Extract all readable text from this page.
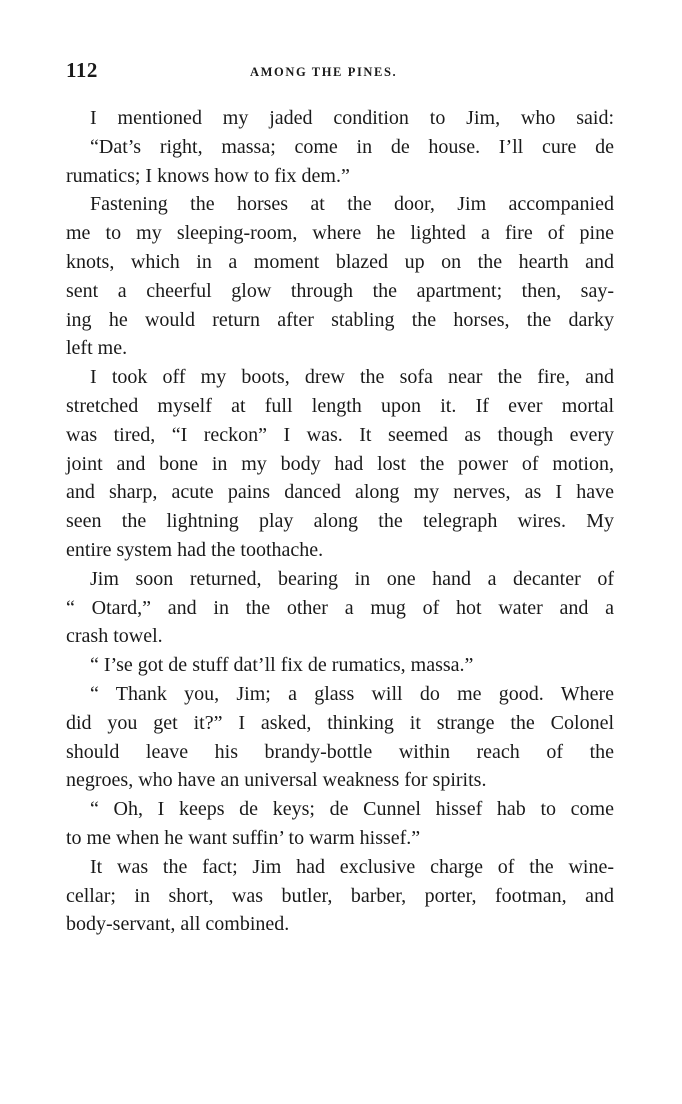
112	AMONG THE PINES.
I mentioned my jaded condition to Jim, who said:
“Dat’s right, massa; come in de house. I’ll cure de
rumatics; I knows how to fix dem.”
Fastening the horses at the door, Jim accompanied
me to my sleeping-room, where he lighted a fire of pine
knots, which in a moment blazed up on the hearth and
sent a cheerful glow through the apartment; then, say-
ing he would return after stabling the horses, the darky
left me.
I took off my boots, drew the sofa near the fire, and
stretched myself at full length upon it. If ever mortal
was tired, “I reckon” I was. It seemed as though every
joint and bone in my body had lost the power of motion,
and sharp, acute pains danced along my nerves, as I have
seen the lightning play along the telegraph wires. My
entire system had the toothache.
Jim soon returned, bearing in one hand a decanter of
“ Otard,” and in the other a mug of hot water and a
crash towel.
“ I’se got de stuff dat’ll fix de rumatics, massa.”
“ Thank you, Jim; a glass will do me good. Where
did you get it?” I asked, thinking it strange the Colonel
should leave his brandy-bottle within reach of the
negroes, who have an universal weakness for spirits.
“ Oh, I keeps de keys; de Cunnel hissef hab to come
to me when he want suffin’ to warm hissef.”
It was the fact; Jim had exclusive charge of the wine-
cellar; in short, was butler, barber, porter, footman, and
body-servant, all combined.
